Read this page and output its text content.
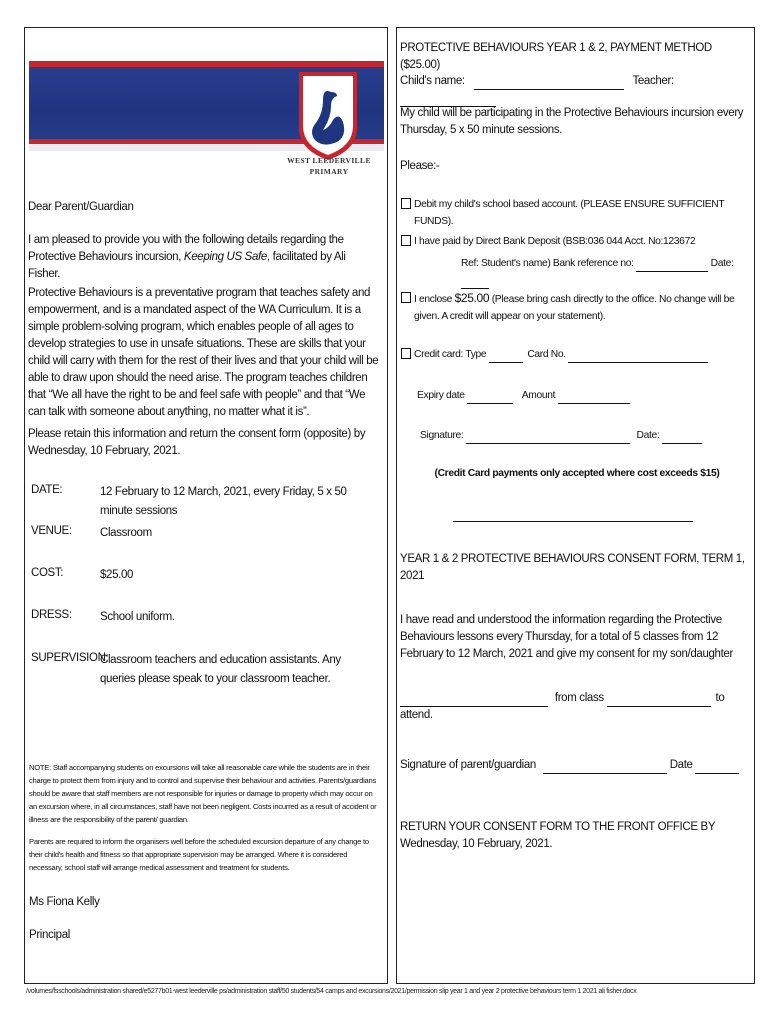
WEST LEEDERVILLE
PRIMARY
Dear Parent/Guardian
I am pleased to provide you with the following details regarding the Protective Behaviours incursion, Keeping US Safe, facilitated by Ali Fisher.
Protective Behaviours is a preventative program that teaches safety and empowerment, and is a mandated aspect of the WA Curriculum. It is a simple problem-solving program, which enables people of all ages to develop strategies to use in unsafe situations. These are skills that your child will carry with them for the rest of their lives and that your child will be able to draw upon should the need arise. The program teaches children that “We all have the right to be and feel safe with people” and that “We can talk with someone about anything, no matter what it is”.
Please retain this information and return the consent form (opposite) by Wednesday, 10 February, 2021.
DATE:	12 February to 12 March, 2021, every Friday, 5 x 50 minute sessions
VENUE: Classroom
COST:	$25.00
DRESS: School uniform.
SUPERVISION:
Classroom teachers and education assistants. Any queries please speak to your classroom teacher.
NOTE: Staff accompanying students on excursions will take all reasonable care while the students are in their charge to protect them from injury and to control and supervise their behaviour and activities. Parents/guardians should be aware that staff members are not responsible for injuries or damage to property which may occur on an excursion where, in all circumstances, staff have not been negligent. Costs incurred as a result of accident or illness are the responsibility of the parent/ guardian.
Parents are required to inform the organisers well before the scheduled excursion departure of any change to their child's health and fitness so that appropriate supervision may be arranged. Where it is considered necessary, school staff will arrange medical assessment and treatment for students.
Ms Fiona Kelly
Principal
PROTECTIVE BEHAVIOURS YEAR 1 & 2, PAYMENT METHOD ($25.00)
Child's name:	Teacher:
My child will be participating in the Protective Behaviours incursion every Thursday, 5 x 50 minute sessions.
Please:-
Debit my child's school based account. (PLEASE ENSURE SUFFICIENT FUNDS).
I have paid by Direct Bank Deposit (BSB:036 044 Acct. No:123672
Ref: Student's name) Bank reference no:	Date:
I enclose $25.00 (Please bring cash directly to the office. No change will be given. A credit will appear on your statement).
Credit card: Type	Card No.
Expiry date	Amount
Signature:	Date:
(Credit Card payments only accepted where cost exceeds $15)
YEAR 1 & 2 PROTECTIVE BEHAVIOURS CONSENT FORM, TERM 1, 2021
I have read and understood the information regarding the Protective Behaviours lessons every Thursday, for a total of 5 classes from 12 February to 12 March, 2021 and give my consent for my son/daughter
from class	to attend.
Signature of parent/guardian	Date
RETURN YOUR CONSENT FORM TO THE FRONT OFFICE BY Wednesday, 10 February, 2021.
/volumes/fsschools/administration shared/e5277b01-west leederville ps/administration staff/50 students/54 camps and excursions/2021/permission slip year 1 and year 2 protective behaviours term 1 2021 ali fisher.docx
